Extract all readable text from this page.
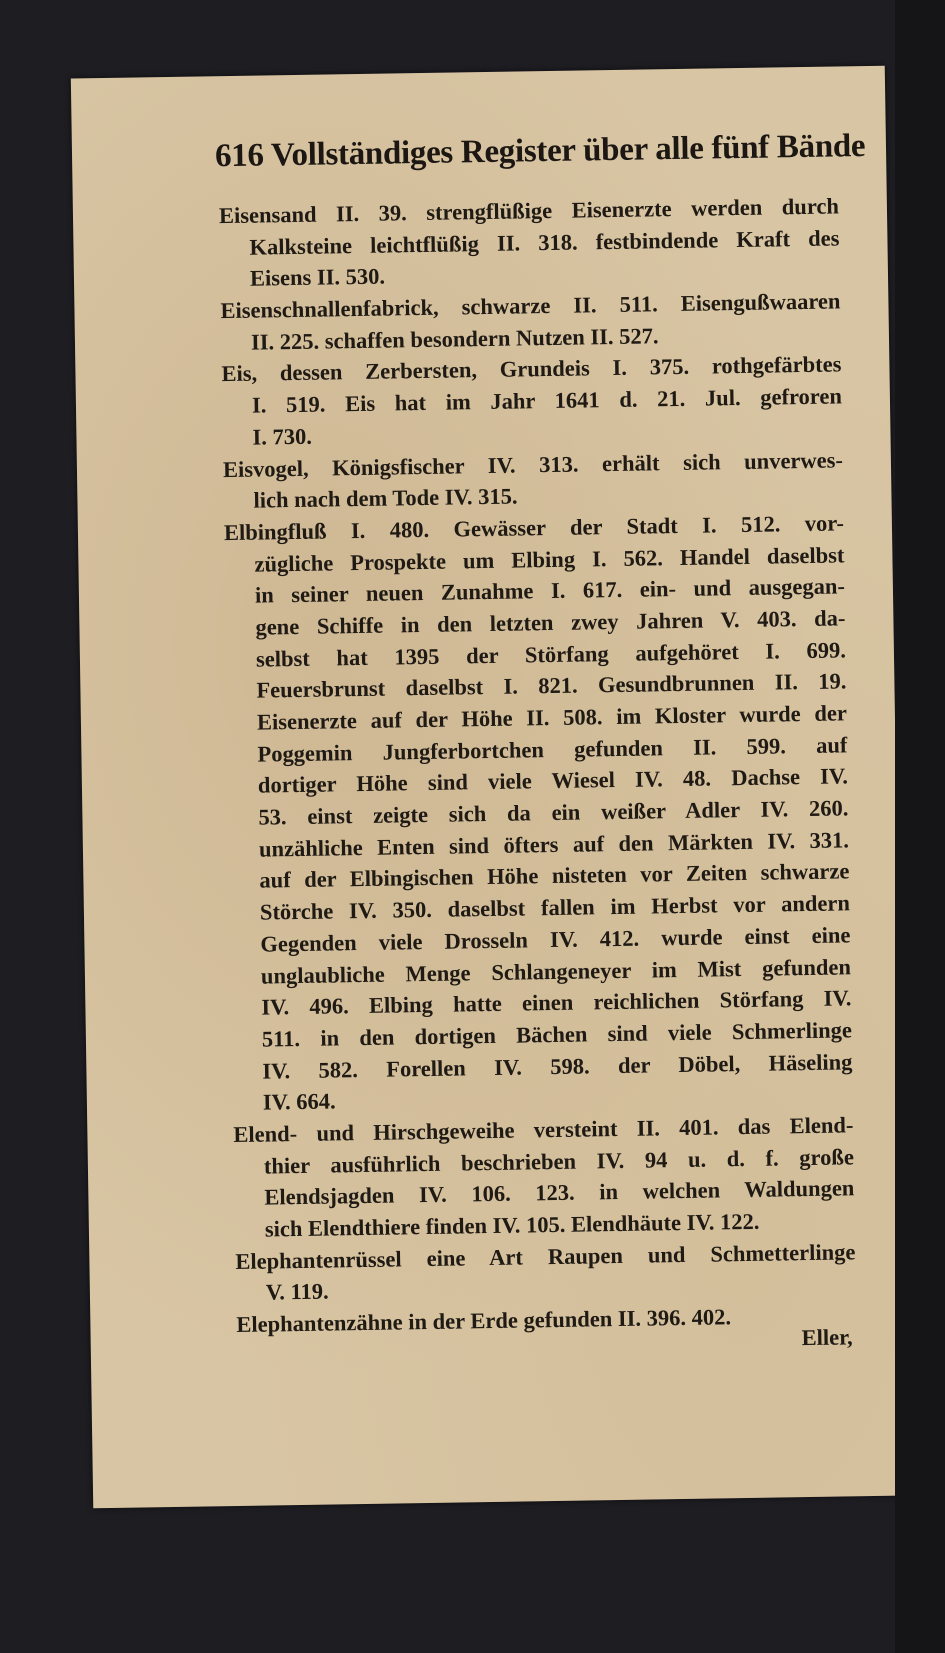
616 Vollständiges Register über alle fünf Bände
Eisensand II. 39. strengflüßige Eisenerzte werden durch
Kalksteine leichtflüßig II. 318. festbindende Kraft des
Eisens II. 530.
Eisenschnallenfabrick, schwarze II. 511. Eisengußwaaren
II. 225. schaffen besondern Nutzen II. 527.
Eis, dessen Zerbersten, Grundeis I. 375. rothgefärbtes
I. 519. Eis hat im Jahr 1641 d. 21. Jul. gefroren
I. 730.
Eisvogel, Königsfischer IV. 313. erhält sich unverwes-
lich nach dem Tode IV. 315.
Elbingfluß I. 480. Gewässer der Stadt I. 512. vor-
zügliche Prospekte um Elbing I. 562. Handel daselbst
in seiner neuen Zunahme I. 617. ein- und ausgegan-
gene Schiffe in den letzten zwey Jahren V. 403. da-
selbst hat 1395 der Störfang aufgehöret I. 699.
Feuersbrunst daselbst I. 821. Gesundbrunnen II. 19.
Eisenerzte auf der Höhe II. 508. im Kloster wurde der
Poggemin Jungferbortchen gefunden II. 599. auf
dortiger Höhe sind viele Wiesel IV. 48. Dachse IV.
53. einst zeigte sich da ein weißer Adler IV. 260.
unzähliche Enten sind öfters auf den Märkten IV. 331.
auf der Elbingischen Höhe nisteten vor Zeiten schwarze
Störche IV. 350. daselbst fallen im Herbst vor andern
Gegenden viele Drosseln IV. 412. wurde einst eine
unglaubliche Menge Schlangeneyer im Mist gefunden
IV. 496. Elbing hatte einen reichlichen Störfang IV.
511. in den dortigen Bächen sind viele Schmerlinge
IV. 582. Forellen IV. 598. der Döbel, Häseling
IV. 664.
Elend- und Hirschgeweihe versteint II. 401. das Elend-
thier ausführlich beschrieben IV. 94 u. d. f. große
Elendsjagden IV. 106. 123. in welchen Waldungen
sich Elendthiere finden IV. 105. Elendhäute IV. 122.
Elephantenrüssel eine Art Raupen und Schmetterlinge
V. 119.
Elephantenzähne in der Erde gefunden II. 396. 402.
Eller,
